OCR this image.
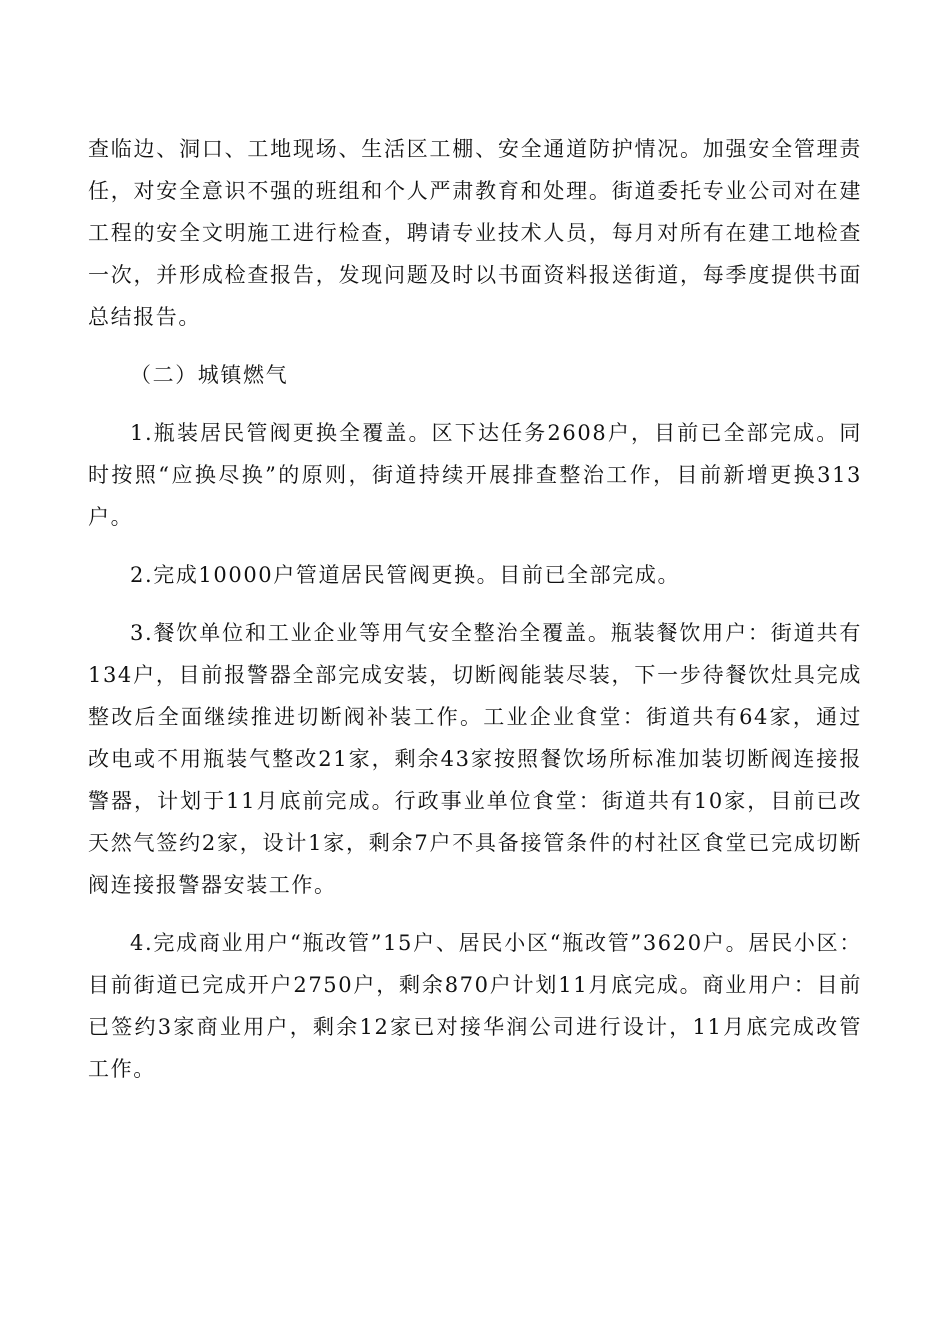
查临边、洞口、工地现场、生活区工棚、安全通道防护情况。加强安全管理责任，对安全意识不强的班组和个人严肃教育和处理。街道委托专业公司对在建工程的安全文明施工进行检查，聘请专业技术人员，每月对所有在建工地检查一次，并形成检查报告，发现问题及时以书面资料报送街道，每季度提供书面总结报告。

（二）城镇燃气

1.瓶装居民管阀更换全覆盖。区下达任务2608户，目前已全部完成。同时按照“应换尽换”的原则，街道持续开展排查整治工作，目前新增更换313户。

2.完成10000户管道居民管阀更换。目前已全部完成。

3.餐饮单位和工业企业等用气安全整治全覆盖。瓶装餐饮用户：街道共有134户，目前报警器全部完成安装，切断阀能装尽装，下一步待餐饮灶具完成整改后全面继续推进切断阀补装工作。工业企业食堂：街道共有64家，通过改电或不用瓶装气整改21家，剩余43家按照餐饮场所标准加装切断阀连接报警器，计划于11月底前完成。行政事业单位食堂：街道共有10家，目前已改天然气签约2家，设计1家，剩余7户不具备接管条件的村社区食堂已完成切断阀连接报警器安装工作。

4.完成商业用户“瓶改管”15户、居民小区“瓶改管”3620户。居民小区：目前街道已完成开户2750户，剩余870户计划11月底完成。商业用户：目前已签约3家商业用户，剩余12家已对接华润公司进行设计，11月底完成改管工作。
